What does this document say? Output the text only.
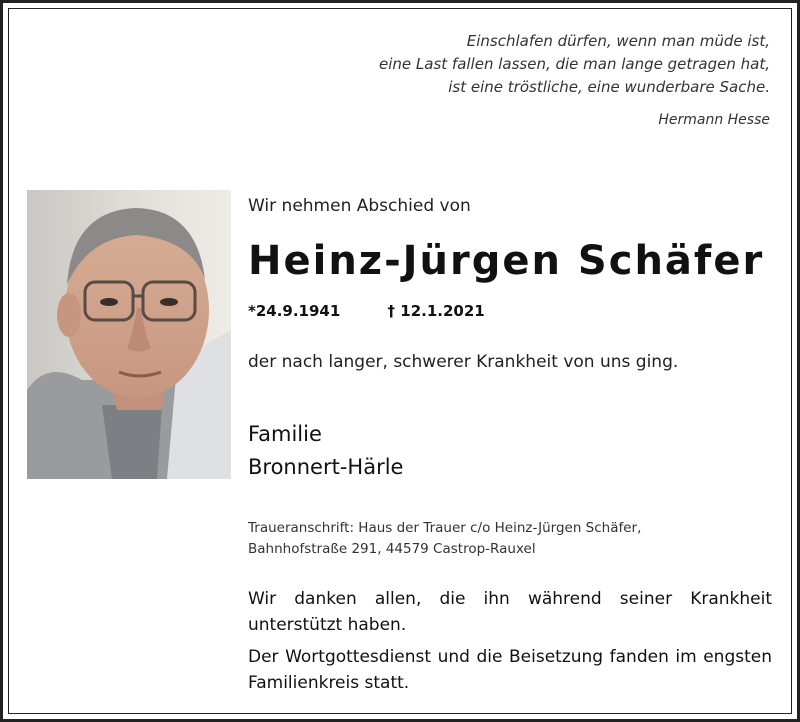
Einschlafen dürfen, wenn man müde ist,
eine Last fallen lassen, die man lange getragen hat,
ist eine tröstliche, eine wunderbare Sache.
Hermann Hesse
Wir nehmen Abschied von
Heinz-Jürgen Schäfer
*24.9.1941	† 12.1.2021
der nach langer, schwerer Krankheit von uns ging.
Familie
Bronnert-Härle
Traueranschrift: Haus der Trauer c/o Heinz-Jürgen Schäfer,
Bahnhofstraße 291, 44579 Castrop-Rauxel

Wir danken allen, die ihn während seiner Krankheit unterstützt haben.

Der Wortgottesdienst und die Beisetzung fanden im engsten Familienkreis statt.
